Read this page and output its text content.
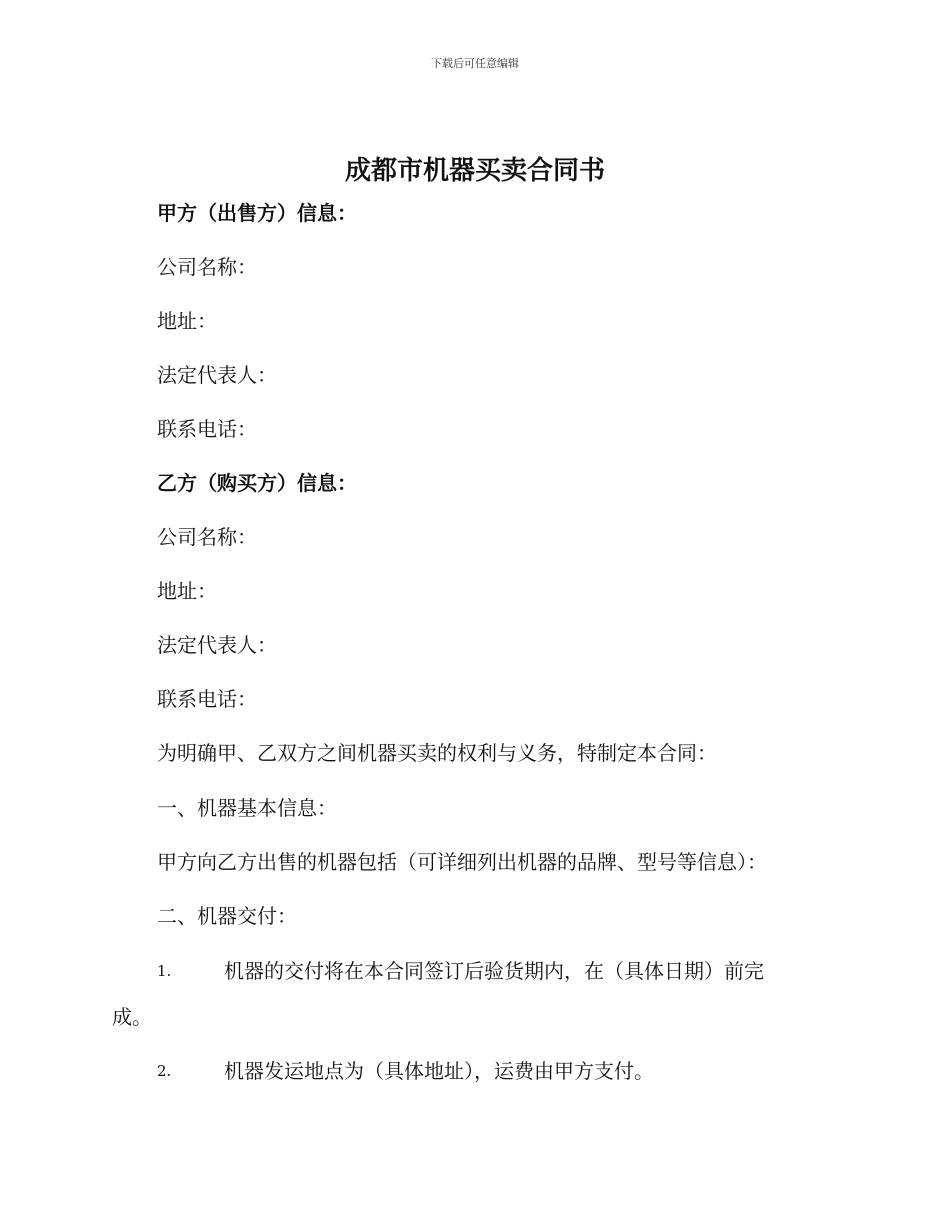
下载后可任意编辑
成都市机器买卖合同书
甲方（出售方）信息：
公司名称：
地址：
法定代表人：
联系电话：
乙方（购买方）信息：
公司名称：
地址：
法定代表人：
联系电话：
为明确甲、乙双方之间机器买卖的权利与义务，特制定本合同：
一、机器基本信息：
甲方向乙方出售的机器包括（可详细列出机器的品牌、型号等信息）：
二、机器交付：
1.	机器的交付将在本合同签订后验货期内，在（具体日期）前完
成。
2.	机器发运地点为（具体地址），运费由甲方支付。
